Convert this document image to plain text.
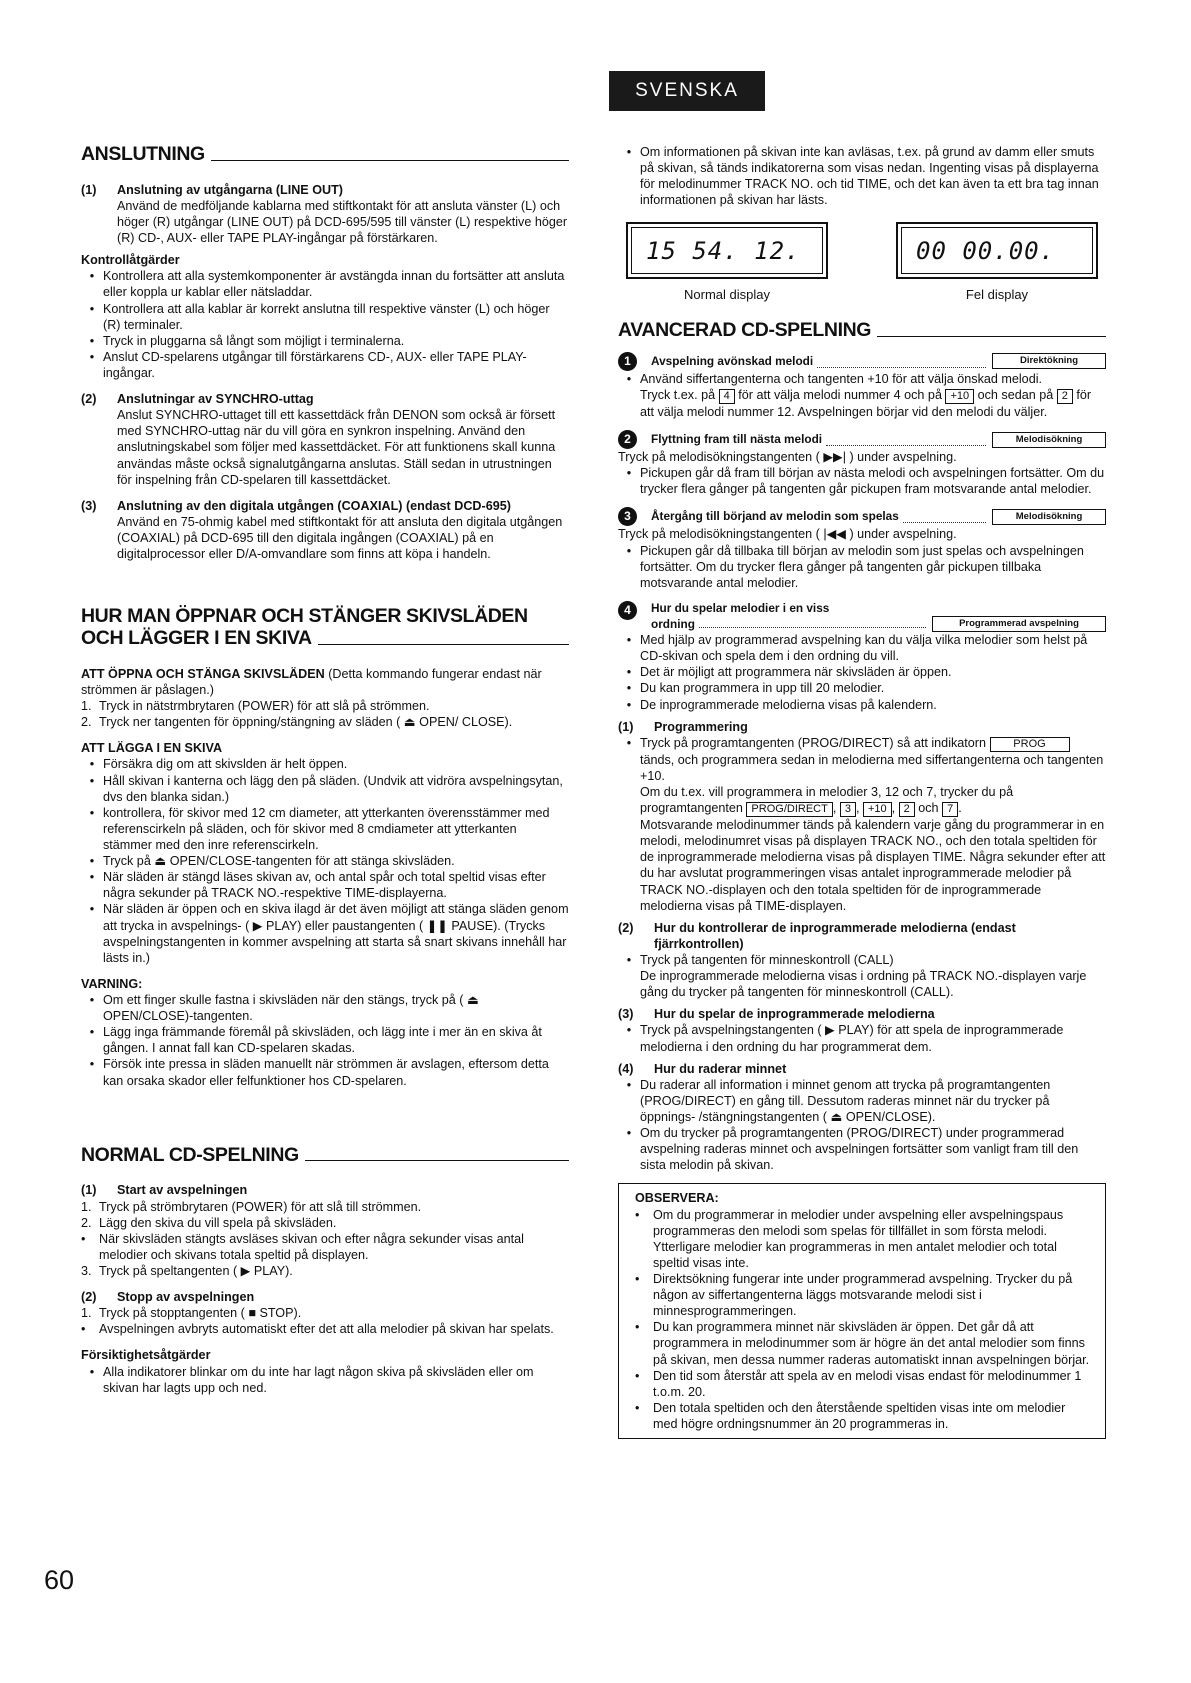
SVENSKA
ANSLUTNING
(1)	Anslutning av utgångarna (LINE OUT)

Använd de medföljande kablarna med stiftkontakt för att ansluta vänster (L) och höger (R) utgångar (LINE OUT) på DCD-695/595 till vänster (L) respektive höger (R) CD-, AUX- eller TAPE PLAY-ingångar på förstärkaren.

Kontrollåtgärder

• Kontrollera att alla systemkomponenter är avstängda innan du fortsätter att ansluta eller koppla ur kablar eller nätsladdar.

• Kontrollera att alla kablar är korrekt anslutna till respektive vänster (L) och höger (R) terminaler.

• Tryck in pluggarna så långt som möjligt i terminalerna.

• Anslut CD-spelarens utgångar till förstärkarens CD-, AUX- eller TAPE PLAY-ingångar.

(2)	Anslutningar av SYNCHRO-uttag

Anslut SYNCHRO-uttaget till ett kassettdäck från DENON som också är försett med SYNCHRO-uttag när du vill göra en synkron inspelning. Använd den anslutningskabel som följer med kassettdäcket. För att funktionens skall kunna användas måste också signalutgångarna anslutas. Ställ sedan in utrustningen för inspelning från CD-spelaren till kassettdäcket.

(3)	Anslutning av den digitala utgången (COAXIAL) (endast DCD-695)

Använd en 75-ohmig kabel med stiftkontakt för att ansluta den digitala utgången (COAXIAL) på DCD-695 till den digitala ingången (COAXIAL) på en digitalprocessor eller D/A-omvandlare som finns att köpa i handeln.

HUR MAN ÖPPNAR OCH STÄNGER SKIVSLÄDEN
OCH LÄGGER I EN SKIVA

ATT ÖPPNA OCH STÄNGA SKIVSLÄDEN (Detta kommando fungerar endast när strömmen är påslagen.)

1. Tryck in nätstrmbrytaren (POWER) för att slå på strömmen.

2. Tryck ner tangenten för öppning/stängning av släden ( ⏏ OPEN/ CLOSE).

ATT LÄGGA I EN SKIVA

• Försäkra dig om att skivslden är helt öppen.

• Håll skivan i kanterna och lägg den på släden. (Undvik att vidröra avspelningsytan, dvs den blanka sidan.)

• kontrollera, för skivor med 12 cm diameter, att ytterkanten överensstämmer med referenscirkeln på släden, och för skivor med 8 cmdiameter att ytterkanten stämmer med den inre referenscirkeln.

• Tryck på ⏏ OPEN/CLOSE-tangenten för att stänga skivsläden.

• När släden är stängd läses skivan av, och antal spår och total speltid visas efter några sekunder på TRACK NO.-respektive TIME-displayerna.

• När släden är öppen och en skiva ilagd är det även möjligt att stänga släden genom att trycka in avspelnings- ( ▶ PLAY) eller paustangenten ( ❚❚ PAUSE). (Trycks avspelningstangenten in kommer avspelning att starta så snart skivans innehåll har lästs in.)

VARNING:

• Om ett finger skulle fastna i skivsläden när den stängs, tryck på ( ⏏ OPEN/CLOSE)-tangenten.

• Lägg inga främmande föremål på skivsläden, och lägg inte i mer än en skiva åt gången. I annat fall kan CD-spelaren skadas.

• Försök inte pressa in släden manuellt när strömmen är avslagen, eftersom detta kan orsaka skador eller felfunktioner hos CD-spelaren.

NORMAL CD-SPELNING
(1)	Start av avspelningen

1. Tryck på strömbrytaren (POWER) för att slå till strömmen.

2. Lägg den skiva du vill spela på skivsläden.

•	När skivsläden stängts avsläses skivan och efter några sekunder visas antal melodier och skivans totala speltid på displayen.

3. Tryck på speltangenten ( ▶ PLAY).

(2)	Stopp av avspelningen

1. Tryck på stopptangenten ( ■ STOP).

•	Avspelningen avbryts automatiskt efter det att alla melodier på skivan har spelats.

Försiktighetsåtgärder

• Alla indikatorer blinkar om du inte har lagt någon skiva på skivsläden eller om skivan har lagts upp och ned.

• Om informationen på skivan inte kan avläsas, t.ex. på grund av damm eller smuts på skivan, så tänds indikatorerna som visas nedan. Ingenting visas på displayerna för melodinummer TRACK NO. och tid TIME, och det kan även ta ett bra tag innan informationen på skivan har lästs.

15 54. 12.
Normal display
00 00.00.
Fel display
AVANCERAD CD-SPELNING
1	Avspelning avönskad melodi	Direktökning
• Använd siffertangenterna och tangenten +10 för att välja önskad melodi.

Tryck t.ex. på 4 för att välja melodi nummer 4 och på +10 och sedan på 2 för att välja melodi nummer 12. Avspelningen börjar vid den melodi du väljer.

2	Flyttning fram till nästa melodi	Melodisökning

Tryck på melodisökningstangenten ( ▶▶| ) under avspelning.

• Pickupen går då fram till början av nästa melodi och avspelningen fortsätter. Om du trycker flera gånger på tangenten går pickupen fram motsvarande antal melodier.

3	Återgång till börjand av melodin som spelas	Melodisökning

Tryck på melodisökningstangenten ( |◀◀ ) under avspelning.

• Pickupen går då tillbaka till början av melodin som just spelas och avspelningen fortsätter. Om du trycker flera gånger på tangenten går pickupen tillbaka motsvarande antal melodier.

4	Hur du spelar melodier i en viss
ordning	Programmerad avspelning
• Med hjälp av programmerad avspelning kan du välja vilka melodier som helst på CD-skivan och spela dem i den ordning du vill.

• Det är möjligt att programmera när skivsläden är öppen.

• Du kan programmera in upp till 20 melodier.

• De inprogrammerade melodierna visas på kalendern.

(1)	Programmering

• Tryck på programtangenten (PROG/DIRECT) så att indikatorn PROG tänds, och programmera sedan in melodierna med siffertangenterna och tangenten +10.

Om du t.ex. vill programmera in melodier 3, 12 och 7, trycker du på programtangenten PROG/DIRECT , 3 , +10 , 2 och 7 .

Motsvarande melodinummer tänds på kalendern varje gång du programmerar in en melodi, melodinumret visas på displayen TRACK NO., och den totala speltiden för de inprogrammerade melodierna visas på displayen TIME. Några sekunder efter att du har avslutat programmeringen visas antalet inprogrammerade melodier på TRACK NO.-displayen och den totala speltiden för de inprogrammerade melodierna visas på TIME-displayen.

(2)	Hur du kontrollerar de inprogrammerade melodierna (endast fjärrkontrollen)

• Tryck på tangenten för minneskontroll (CALL)

De inprogrammerade melodierna visas i ordning på TRACK NO.-displayen varje gång du trycker på tangenten för minneskontroll (CALL).

(3)	Hur du spelar de inprogrammerade melodierna

• Tryck på avspelningstangenten ( ▶ PLAY) för att spela de inprogrammerade melodierna i den ordning du har programmerat dem.

(4)	Hur du raderar minnet

• Du raderar all information i minnet genom att trycka på programtangenten (PROG/DIRECT) en gång till. Dessutom raderas minnet när du trycker på öppnings- /stängningstangenten ( ⏏ OPEN/CLOSE).

• Om du trycker på programtangenten (PROG/DIRECT) under programmerad avspelning raderas minnet och avspelningen fortsätter som vanligt fram till den sista melodin på skivan.

OBSERVERA:

•	Om du programmerar in melodier under avspelning eller avspelningspaus programmeras den melodi som spelas för tillfället in som första melodi. Ytterligare melodier kan programmeras in men antalet melodier och total speltid visas inte.

•	Direktsökning fungerar inte under programmerad avspelning. Trycker du på någon av siffertangenterna läggs motsvarande melodi sist i minnesprogrammeringen.

•	Du kan programmera minnet när skivsläden är öppen. Det går då att programmera in melodinummer som är högre än det antal melodier som finns på skivan, men dessa nummer raderas automatiskt innan avspelningen börjar.

•	Den tid som återstår att spela av en melodi visas endast för melodinummer 1 t.o.m. 20.

•	Den totala speltiden och den återstående speltiden visas inte om melodier med högre ordningsnummer än 20 programmeras in.

60
